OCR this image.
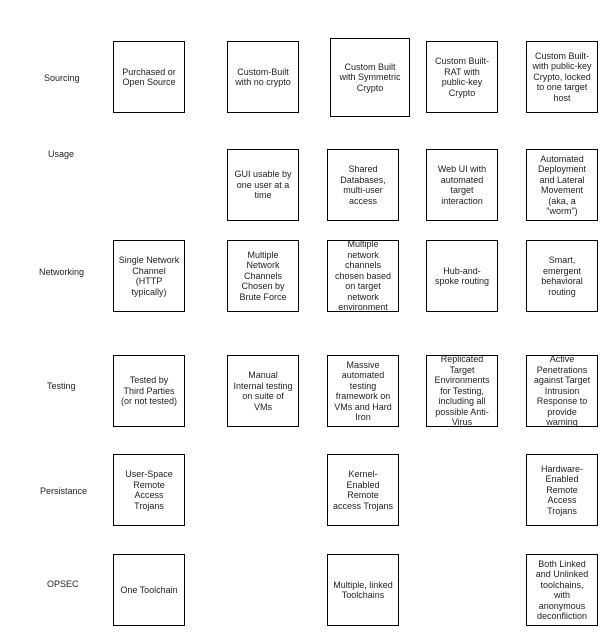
Sourcing
Usage
Networking
Testing
Persistance
OPSEC
Purchased or
Open Source
Custom-Built
with no crypto
Custom Built
with Symmetric
Crypto
Custom Built-
RAT with
public-key
Crypto
Custom Built-
with public-key
Crypto, locked
to one target
host
GUI usable by
one user at a
time
Shared
Databases,
multi-user
access
Web UI with
automated
target
interaction
Automated
Deployment
and Lateral
Movement
(aka, a
"worm")
Single Network
Channel
(HTTP
typically)
Multiple
Network
Channels
Chosen by
Brute Force
Multiple
network
channels
chosen based
on target
network
environment
Hub-and-
spoke routing
Smart,
emergent
behavioral
routing
Tested by
Third Parties
(or not tested)
Manual
Internal testing
on suite of
VMs
Massive
automated
testing
framework on
VMs and Hard
Iron
Replicated
Target
Environments
for Testing,
including all
possible Anti-
Virus
Active
Penetrations
against Target
Intrusion
Response to
provide
warning
User-Space
Remote
Access
Trojans
Kernel-
Enabled
Remote
access Trojans
Hardware-
Enabled
Remote
Access
Trojans
One Toolchain
Multiple, linked
Toolchains
Both Linked
and Unlinked
toolchains,
with
anonymous
deconfliction
